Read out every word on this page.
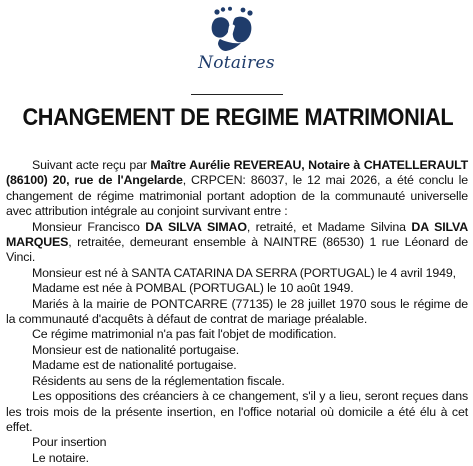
Notaires
CHANGEMENT DE REGIME MATRIMONIAL

Suivant acte reçu par Maître Aurélie REVEREAU, Notaire à CHATELLERAULT (86100) 20, rue de l'Angelarde, CRPCEN: 86037, le 12 mai 2026, a été conclu le changement de régime matrimonial portant adoption de la communauté universelle avec attribution intégrale au conjoint survivant entre :

Monsieur Francisco DA SILVA SIMAO, retraité, et Madame Silvina DA SILVA MARQUES, retraitée, demeurant ensemble à NAINTRE (86530) 1 rue Léonard de Vinci.

Monsieur est né à SANTA CATARINA DA SERRA (PORTUGAL) le 4 avril 1949,

Madame est née à POMBAL (PORTUGAL) le 10 août 1949.

Mariés à la mairie de PONTCARRE (77135) le 28 juillet 1970 sous le régime de la communauté d'acquêts à défaut de contrat de mariage préalable.

Ce régime matrimonial n'a pas fait l'objet de modification.

Monsieur est de nationalité portugaise.

Madame est de nationalité portugaise.

Résidents au sens de la réglementation fiscale.

Les oppositions des créanciers à ce changement, s'il y a lieu, seront reçues dans les trois mois de la présente insertion, en l'office notarial où domicile a été élu à cet effet.

Pour insertion

Le notaire.
